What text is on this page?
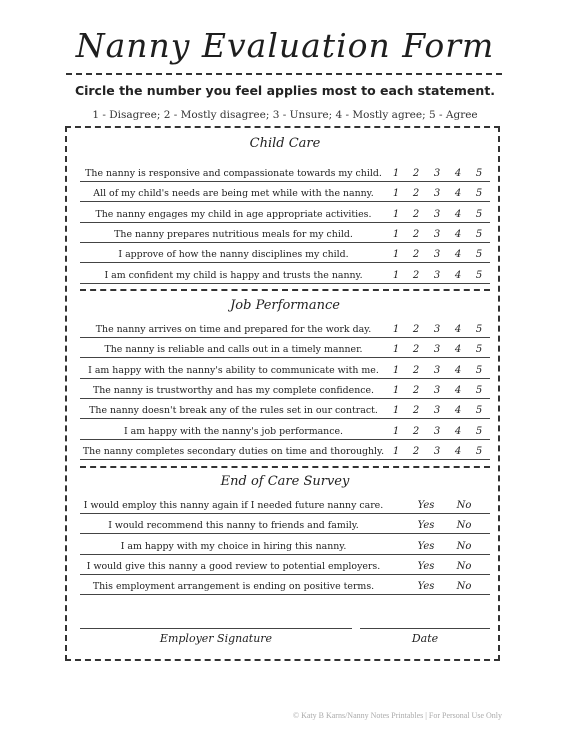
Nanny Evaluation Form
Circle the number you feel applies most to each statement.
1 - Disagree; 2 - Mostly disagree; 3 - Unsure; 4 - Mostly agree; 5 - Agree
Child Care
The nanny is responsive and compassionate towards my child.	1 2 3 4 5
All of my child's needs are being met while with the nanny.	1 2 3 4 5
The nanny engages my child in age appropriate activities.	1 2 3 4 5
The nanny prepares nutritious meals for my child.	1 2 3 4 5
I approve of how the nanny disciplines my child.	1 2 3 4 5
I am confident my child is happy and trusts the nanny.	1 2 3 4 5
Job Performance
The nanny arrives on time and prepared for the work day.	1 2 3 4 5
The nanny is reliable and calls out in a timely manner.	1 2 3 4 5
I am happy with the nanny's ability to communicate with me.	1 2 3 4 5
The nanny is trustworthy and has my complete confidence.	1 2 3 4 5
The nanny doesn't break any of the rules set in our contract.	1 2 3 4 5
I am happy with the nanny's job performance.	1 2 3 4 5
The nanny completes secondary duties on time and thoroughly. 1 2 3 4 5
End of Care Survey
I would employ this nanny again if I needed future nanny care.	Yes	No
I would recommend this nanny to friends and family.	Yes	No
I am happy with my choice in hiring this nanny.	Yes	No
I would give this nanny a good review to potential employers.	Yes	No
This employment arrangement is ending on positive terms.	Yes	No
Employer Signature	Date
© Katy B Karns/Nanny Notes Printables | For Personal Use Only
